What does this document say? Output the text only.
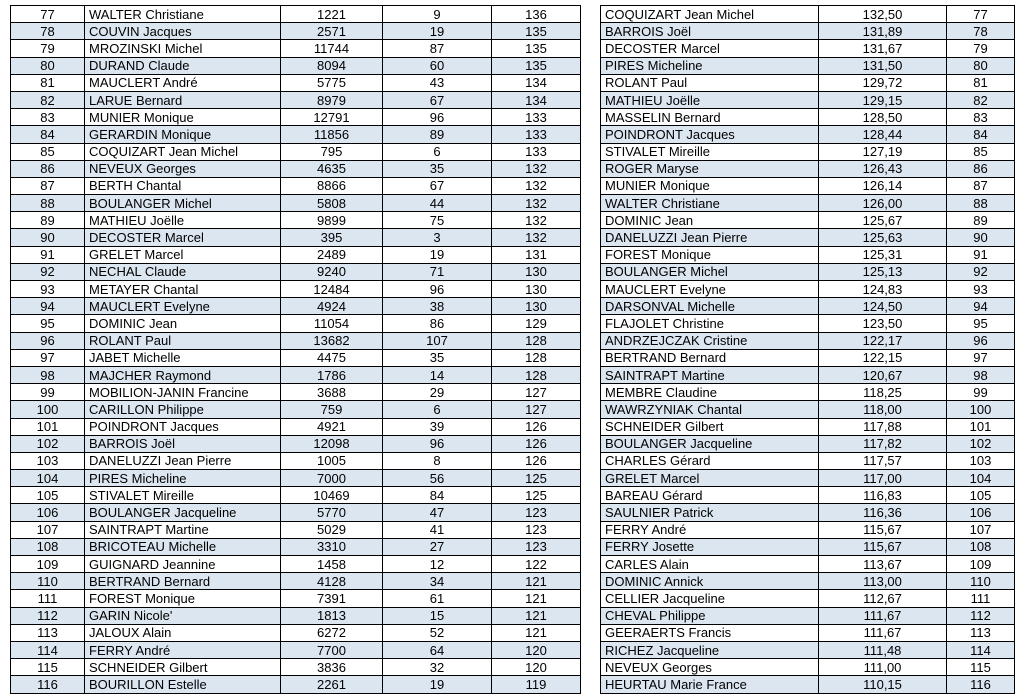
77	WALTER Christiane	1221	9	136
78	COUVIN Jacques	2571	19	135
79	MROZINSKI Michel	11744	87	135
80	DURAND Claude	8094	60	135
81	MAUCLERT André	5775	43	134
82	LARUE Bernard	8979	67	134
83	MUNIER Monique	12791	96	133
84	GERARDIN Monique	11856	89	133
85	COQUIZART Jean Michel	795	6	133
86	NEVEUX Georges	4635	35	132
87	BERTH Chantal	8866	67	132
88	BOULANGER Michel	5808	44	132
89	MATHIEU Joëlle	9899	75	132
90	DECOSTER Marcel	395	3	132
91	GRELET Marcel	2489	19	131
92	NECHAL Claude	9240	71	130
93	METAYER Chantal	12484	96	130
94	MAUCLERT Evelyne	4924	38	130
95	DOMINIC Jean	11054	86	129
96	ROLANT Paul	13682	107	128
97	JABET Michelle	4475	35	128
98	MAJCHER Raymond	1786	14	128
99	MOBILION-JANIN Francine	3688	29	127
100	CARILLON Philippe	759	6	127
101	POINDRONT Jacques	4921	39	126
102	BARROIS Joël	12098	96	126
103	DANELUZZI Jean Pierre	1005	8	126
104	PIRES Micheline	7000	56	125
105	STIVALET Mireille	10469	84	125
106	BOULANGER Jacqueline	5770	47	123
107	SAINTRAPT Martine	5029	41	123
108	BRICOTEAU Michelle	3310	27	123
109	GUIGNARD Jeannine	1458	12	122
110	BERTRAND Bernard	4128	34	121
111	FOREST Monique	7391	61	121
112	GARIN Nicole'	1813	15	121
113	JALOUX Alain	6272	52	121
114	FERRY André	7700	64	120
115	SCHNEIDER Gilbert	3836	32	120
116	BOURILLON Estelle	2261	19	119
COQUIZART Jean Michel	132,50	77
BARROIS Joël	131,89	78
DECOSTER Marcel	131,67	79
PIRES Micheline	131,50	80
ROLANT Paul	129,72	81
MATHIEU Joëlle	129,15	82
MASSELIN Bernard	128,50	83
POINDRONT Jacques	128,44	84
STIVALET Mireille	127,19	85
ROGER Maryse	126,43	86
MUNIER Monique	126,14	87
WALTER Christiane	126,00	88
DOMINIC Jean	125,67	89
DANELUZZI Jean Pierre	125,63	90
FOREST Monique	125,31	91
BOULANGER Michel	125,13	92
MAUCLERT Evelyne	124,83	93
DARSONVAL Michelle	124,50	94
FLAJOLET Christine	123,50	95
ANDRZEJCZAK Cristine	122,17	96
BERTRAND Bernard	122,15	97
SAINTRAPT Martine	120,67	98
MEMBRE Claudine	118,25	99
WAWRZYNIAK Chantal	118,00	100
SCHNEIDER Gilbert	117,88	101
BOULANGER Jacqueline	117,82	102
CHARLES Gérard	117,57	103
GRELET Marcel	117,00	104
BAREAU Gérard	116,83	105
SAULNIER Patrick	116,36	106
FERRY André	115,67	107
FERRY Josette	115,67	108
CARLES Alain	113,67	109
DOMINIC Annick	113,00	110
CELLIER Jacqueline	112,67	111
CHEVAL Philippe	111,67	112
GEERAERTS Francis	111,67	113
RICHEZ Jacqueline	111,48	114
NEVEUX Georges	111,00	115
HEURTAU Marie France	110,15	116
